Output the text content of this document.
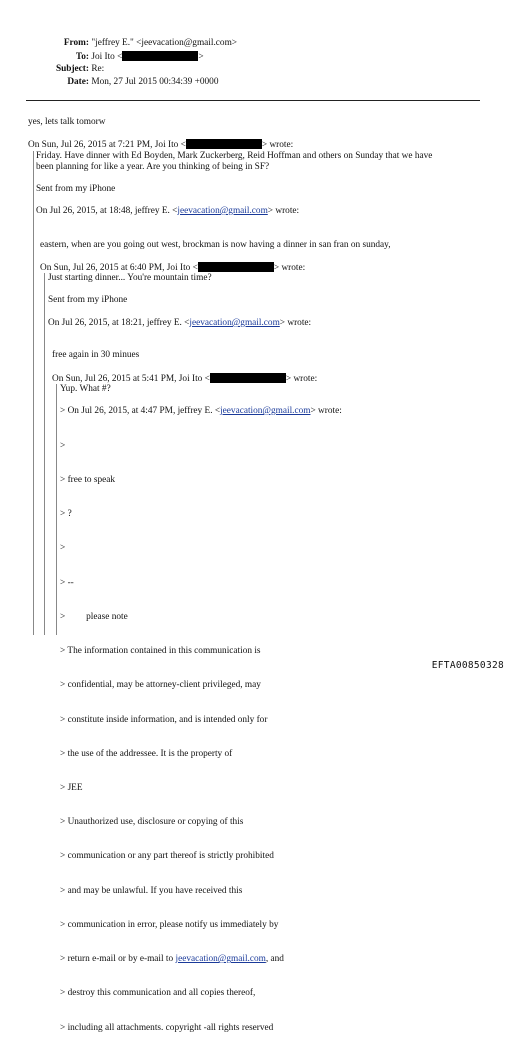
From: "jeffrey E." <jeevacation@gmail.com>
To: Joi Ito <	>
Subject: Re:
Date: Mon, 27 Jul 2015 00:34:39 +0000
yes, lets talk tomorw
On Sun, Jul 26, 2015 at 7:21 PM, Joi Ito <	> wrote:
Friday. Have dinner with Ed Boyden, Mark Zuckerberg, Reid Hoffman and others on Sunday that we have
been planning for like a year. Are you thinking of being in SF?
Sent from my iPhone
On Jul 26, 2015, at 18:48, jeffrey E. <jeevacation@gmail.com> wrote:
eastern, when are you going out west, brockman is now having a dinner in san fran on sunday,
On Sun, Jul 26, 2015 at 6:40 PM, Joi Ito <	> wrote:
Just starting dinner... You're mountain time?
Sent from my iPhone
On Jul 26, 2015, at 18:21, jeffrey E. <jeevacation@gmail.com> wrote:
free again in 30 minues
On Sun, Jul 26, 2015 at 5:41 PM, Joi Ito <	> wrote:
Yup. What #?
> On Jul 26, 2015, at 4:47 PM, jeffrey E. <jeevacation@gmail.com> wrote:

>

> free to speak

> ?

>

> --

>         please note

> The information contained in this communication is

> confidential, may be attorney-client privileged, may

> constitute inside information, and is intended only for

> the use of the addressee. It is the property of

> JEE

> Unauthorized use, disclosure or copying of this

> communication or any part thereof is strictly prohibited

> and may be unlawful. If you have received this

> communication in error, please notify us immediately by

> return e-mail or by e-mail to jeevacation@gmail.com, and

> destroy this communication and all copies thereof,

> including all attachments. copyright -all rights reserved

EFTA00850328
